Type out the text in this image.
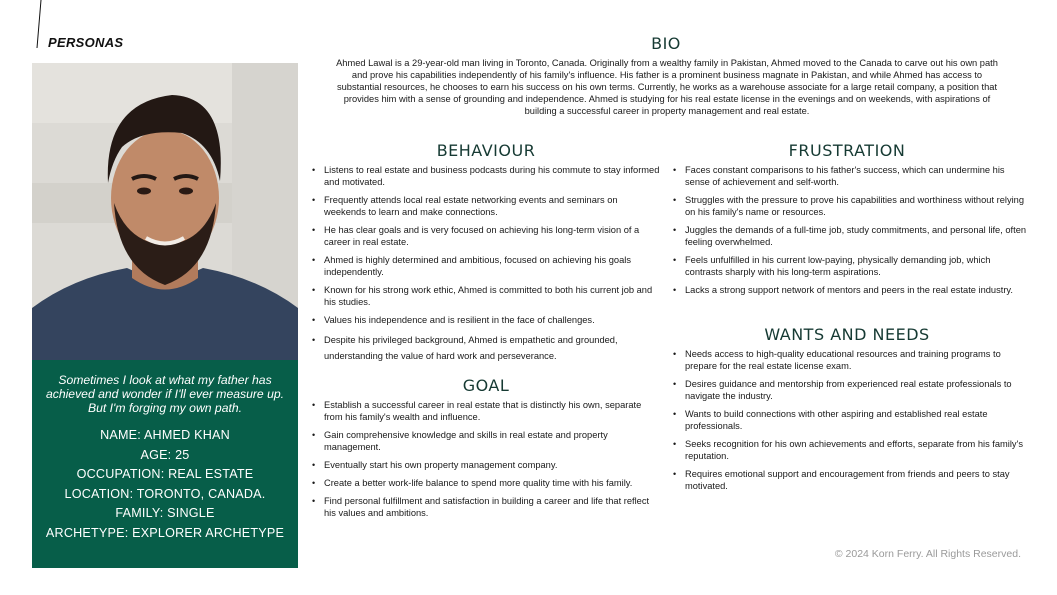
PERSONAS
Sometimes I look at what my father has achieved and wonder if I'll ever measure up. But I'm forging my own path.
NAME: AHMED KHAN
AGE: 25
OCCUPATION: REAL ESTATE
LOCATION: TORONTO, CANADA.
FAMILY: SINGLE
ARCHETYPE: EXPLORER ARCHETYPE
BIO
Ahmed Lawal is a 29-year-old man living in Toronto, Canada. Originally from a wealthy family in Pakistan, Ahmed moved to the Canada to carve out his own path and prove his capabilities independently of his family's influence. His father is a prominent business magnate in Pakistan, and while Ahmed has access to substantial resources, he chooses to earn his success on his own terms. Currently, he works as a warehouse associate for a large retail company, a position that provides him with a sense of grounding and independence. Ahmed is studying for his real estate license in the evenings and on weekends, with aspirations of building a successful career in property management and real estate.
BEHAVIOUR
• Listens to real estate and business podcasts during his commute to stay informed and motivated.
• Frequently attends local real estate networking events and seminars on weekends to learn and make connections.
• He has clear goals and is very focused on achieving his long-term vision of a career in real estate.
• Ahmed is highly determined and ambitious, focused on achieving his goals independently.
• Known for his strong work ethic, Ahmed is committed to both his current job and his studies.
• Values his independence and is resilient in the face of challenges.
• Despite his privileged background, Ahmed is empathetic and grounded, understanding the value of hard work and perseverance.
GOAL
• Establish a successful career in real estate that is distinctly his own, separate from his family's wealth and influence.
• Gain comprehensive knowledge and skills in real estate and property management.
• Eventually start his own property management company.
• Create a better work-life balance to spend more quality time with his family.
• Find personal fulfillment and satisfaction in building a career and life that reflect his values and ambitions.
FRUSTRATION
• Faces constant comparisons to his father's success, which can undermine his sense of achievement and self-worth.
• Struggles with the pressure to prove his capabilities and worthiness without relying on his family's name or resources.
• Juggles the demands of a full-time job, study commitments, and personal life, often feeling overwhelmed.
• Feels unfulfilled in his current low-paying, physically demanding job, which contrasts sharply with his long-term aspirations.
• Lacks a strong support network of mentors and peers in the real estate industry.
WANTS AND NEEDS
• Needs access to high-quality educational resources and training programs to prepare for the real estate license exam.
• Desires guidance and mentorship from experienced real estate professionals to navigate the industry.
• Wants to build connections with other aspiring and established real estate professionals.
• Seeks recognition for his own achievements and efforts, separate from his family's reputation.
• Requires emotional support and encouragement from friends and peers to stay motivated.
© 2024 Korn Ferry. All Rights Reserved.
